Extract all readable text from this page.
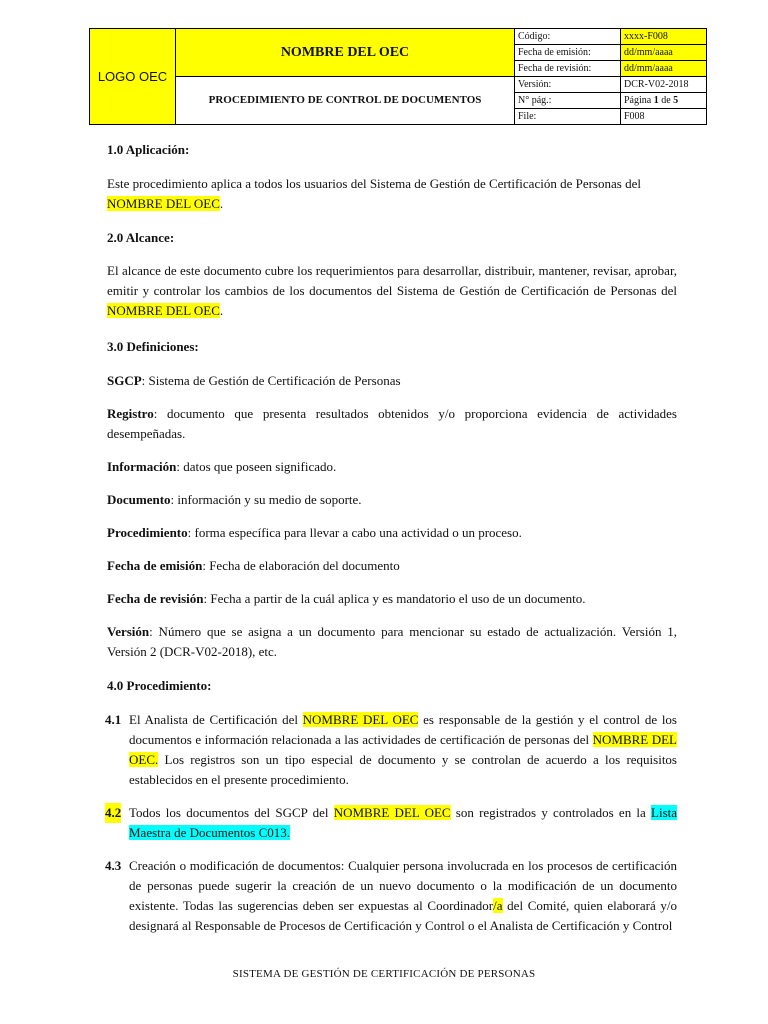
LOGO OEC	NOMBRE DEL OEC	Código:	xxxx-F008
		Fecha de emisión:	dd/mm/aaaa
		Fecha de revisión:	dd/mm/aaaa
	PROCEDIMIENTO DE CONTROL DE DOCUMENTOS	Versión:	DCR-V02-2018
		N° pág.:	Página 1 de 5
		File:	F008

1.0 Aplicación:

Este procedimiento aplica a todos los usuarios del Sistema de Gestión de Certificación de Personas del NOMBRE DEL OEC.

2.0 Alcance:

El alcance de este documento cubre los requerimientos para desarrollar, distribuir, mantener, revisar, aprobar, emitir y controlar los cambios de los documentos del Sistema de Gestión de Certificación de Personas del NOMBRE DEL OEC.

3.0 Definiciones:

SGCP: Sistema de Gestión de Certificación de Personas

Registro: documento que presenta resultados obtenidos y/o proporciona evidencia de actividades desempeñadas.

Información: datos que poseen significado.

Documento: información y su medio de soporte.

Procedimiento: forma específica para llevar a cabo una actividad o un proceso.

Fecha de emisión: Fecha de elaboración del documento

Fecha de revisión: Fecha a partir de la cuál aplica y es mandatorio el uso de un documento.

Versión: Número que se asigna a un documento para mencionar su estado de actualización. Versión 1, Versión 2 (DCR-V02-2018), etc.

4.0 Procedimiento:

4.1 El Analista de Certificación del NOMBRE DEL OEC es responsable de la gestión y el control de los documentos e información relacionada a las actividades de certificación de personas del NOMBRE DEL OEC. Los registros son un tipo especial de documento y se controlan de acuerdo a los requisitos establecidos en el presente procedimiento.
4.2 Todos los documentos del SGCP del NOMBRE DEL OEC son registrados y controlados en la Lista Maestra de Documentos C013.
4.3 Creación o modificación de documentos: Cualquier persona involucrada en los procesos de certificación de personas puede sugerir la creación de un nuevo documento o la modificación de un documento existente. Todas las sugerencias deben ser expuestas al Coordinador/a del Comité, quien elaborará y/o designará al Responsable de Procesos de Certificación y Control o el Analista de Certificación y Control
SISTEMA DE GESTIÓN DE CERTIFICACIÓN DE PERSONAS
